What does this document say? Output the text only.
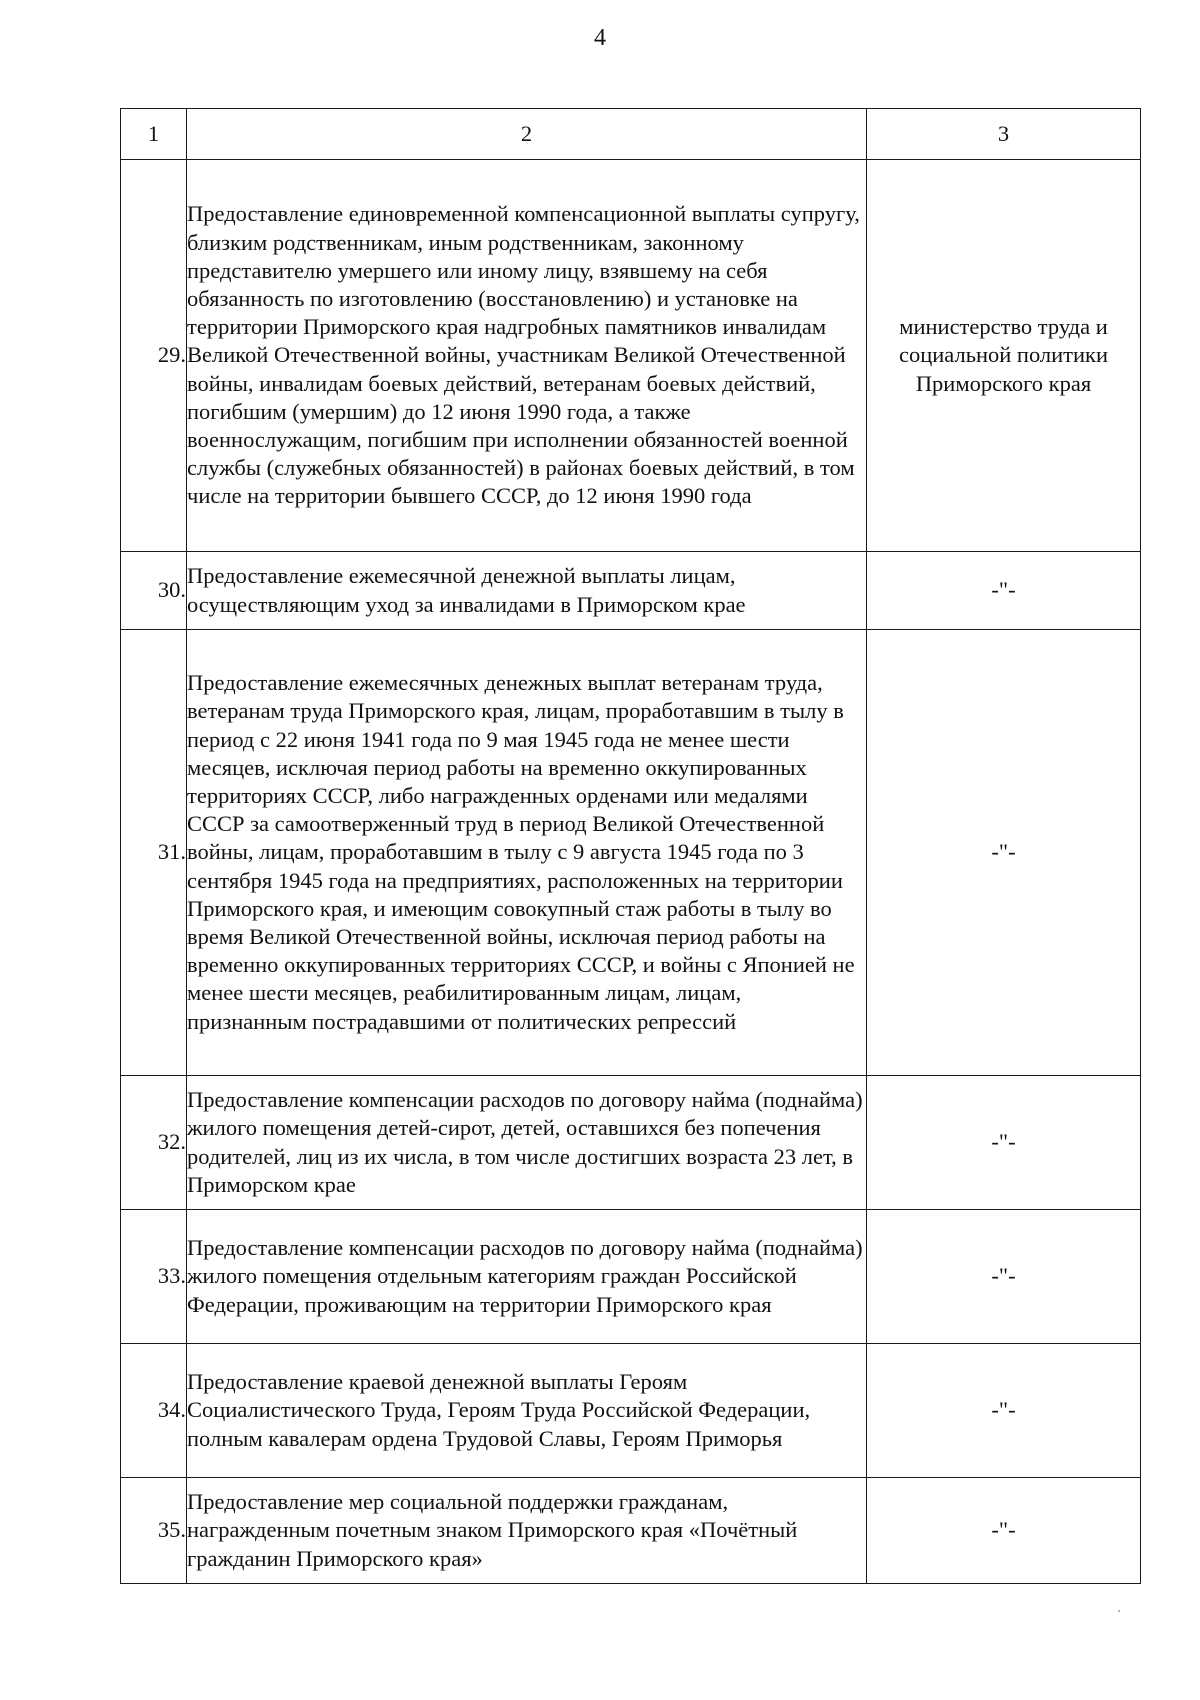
4
1	2	3
29.	Предоставление единовременной компенсационной выплаты супругу, близким родственникам, иным родственникам, законному представителю умершего или иному лицу, взявшему на себя обязанность по изготовлению (восстановлению) и установке на территории Приморского края надгробных памятников инвалидам Великой Отечественной войны, участникам Великой Отечественной войны, инвалидам боевых действий, ветеранам боевых действий, погибшим (умершим) до 12 июня 1990 года, а также военнослужащим, погибшим при исполнении обязанностей военной службы (служебных обязанностей) в районах боевых действий, в том числе на территории бывшего СССР, до 12 июня 1990 года	министерство труда и социальной политики Приморского края
30.	Предоставление ежемесячной денежной выплаты лицам, осуществляющим уход за инвалидами в Приморском крае	-"-
31.	Предоставление ежемесячных денежных выплат ветеранам труда, ветеранам труда Приморского края, лицам, проработавшим в тылу в период с 22 июня 1941 года по 9 мая 1945 года не менее шести месяцев, исключая период работы на временно оккупированных территориях СССР, либо награжденных орденами или медалями СССР за самоотверженный труд в период Великой Отечественной войны, лицам, проработавшим в тылу с 9 августа 1945 года по 3 сентября 1945 года на предприятиях, расположенных на территории Приморского края, и имеющим совокупный стаж работы в тылу во время Великой Отечественной войны, исключая период работы на временно оккупированных территориях СССР, и войны с Японией не менее шести месяцев, реабилитированным лицам, лицам, признанным пострадавшими от политических репрессий	-"-
32.	Предоставление компенсации расходов по договору найма (поднайма) жилого помещения детей-сирот, детей, оставшихся без попечения родителей, лиц из их числа, в том числе достигших возраста 23 лет, в Приморском крае	-"-
33.	Предоставление компенсации расходов по договору найма (поднайма) жилого помещения отдельным категориям граждан Российской Федерации, проживающим на территории Приморского края	-"-
34.	Предоставление краевой денежной выплаты Героям Социалистического Труда, Героям Труда Российской Федерации, полным кавалерам ордена Трудовой Славы, Героям Приморья	-"-
35.	Предоставление мер социальной поддержки гражданам, награжденным почетным знаком Приморского края «Почётный гражданин Приморского края»	-"-
